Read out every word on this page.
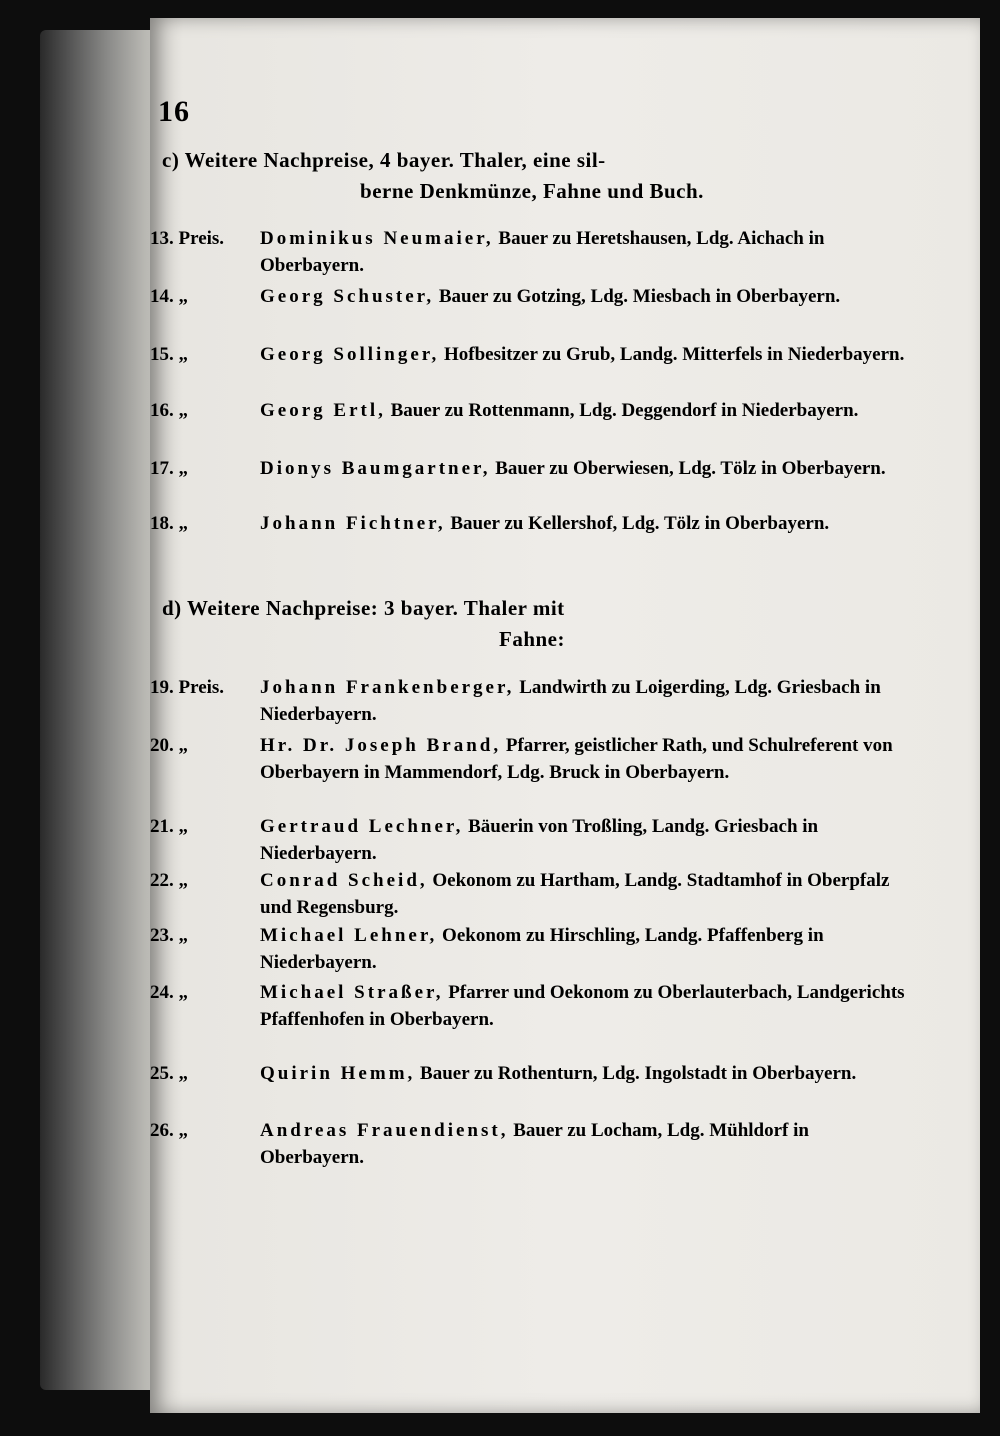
16
c) Weitere Nachpreise, 4 bayer. Thaler, eine sil-
berne Denkmünze, Fahne und Buch.
13. Preis.	Dominikus Neumaier, Bauer zu Heretshausen, Ldg. Aichach in Oberbayern.
14. „	Georg Schuster, Bauer zu Gotzing, Ldg. Miesbach in Oberbayern.
15. „	Georg Sollinger, Hofbesitzer zu Grub, Landg. Mitterfels in Niederbayern.
16. „	Georg Ertl, Bauer zu Rottenmann, Ldg. Deggendorf in Niederbayern.
17. „	Dionys Baumgartner, Bauer zu Oberwiesen, Ldg. Tölz in Oberbayern.
18. „	Johann Fichtner, Bauer zu Kellershof, Ldg. Tölz in Oberbayern.
d) Weitere Nachpreise: 3 bayer. Thaler mit
Fahne:
19. Preis.	Johann Frankenberger, Landwirth zu Loigerding, Ldg. Griesbach in Niederbayern.
20. „	Hr. Dr. Joseph Brand, Pfarrer, geistlicher Rath, und Schulreferent von Oberbayern in Mammendorf, Ldg. Bruck in Oberbayern.
21. „	Gertraud Lechner, Bäuerin von Troßling, Landg. Griesbach in Niederbayern.
22. „	Conrad Scheid, Oekonom zu Hartham, Landg. Stadtamhof in Oberpfalz und Regensburg.
23. „	Michael Lehner, Oekonom zu Hirschling, Landg. Pfaffenberg in Niederbayern.
24. „	Michael Straßer, Pfarrer und Oekonom zu Oberlauterbach, Landgerichts Pfaffenhofen in Oberbayern.
25. „	Quirin Hemm, Bauer zu Rothenturn, Ldg. Ingolstadt in Oberbayern.
26. „	Andreas Frauendienst, Bauer zu Locham, Ldg. Mühldorf in Oberbayern.
